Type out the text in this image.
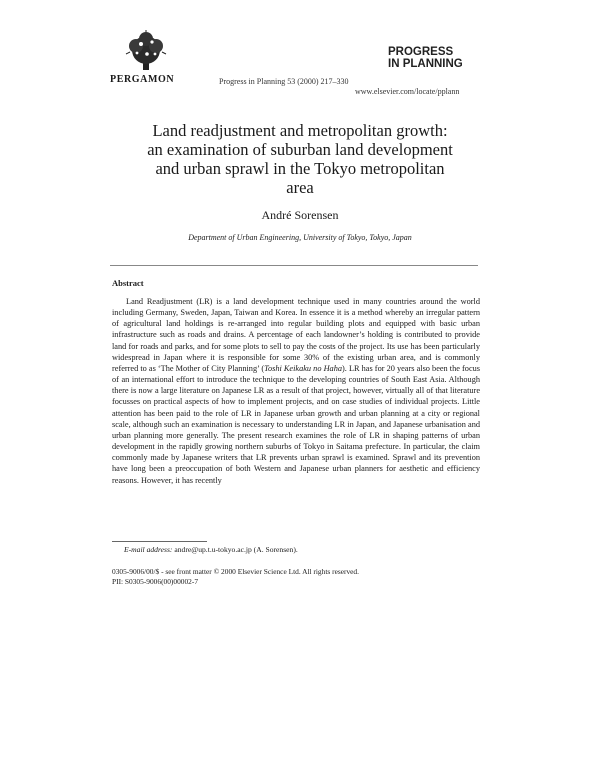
PERGAMON	Progress in Planning 53 (2000) 217–330
PROGRESS
IN PLANNING
www.elsevier.com/locate/pplann
Land readjustment and metropolitan growth:
an examination of suburban land development
and urban sprawl in the Tokyo metropolitan
area
André Sorensen
Department of Urban Engineering, University of Tokyo, Tokyo, Japan
Abstract
Land Readjustment (LR) is a land development technique used in many countries around the world including Germany, Sweden, Japan, Taiwan and Korea. In essence it is a method whereby an irregular pattern of agricultural land holdings is re-arranged into regular building plots and equipped with basic urban infrastructure such as roads and drains. A percentage of each landowner’s holding is contributed to provide land for roads and parks, and for some plots to sell to pay the costs of the project. Its use has been particularly widespread in Japan where it is responsible for some 30% of the existing urban area, and is commonly referred to as ‘The Mother of City Planning’ (Toshi Keikaku no Haha). LR has for 20 years also been the focus of an international effort to introduce the technique to the developing countries of South East Asia. Although there is now a large literature on Japanese LR as a result of that project, however, virtually all of that literature focusses on practical aspects of how to implement projects, and on case studies of individual projects. Little attention has been paid to the role of LR in Japanese urban growth and urban planning at a city or regional scale, although such an examination is necessary to understanding LR in Japan, and Japanese urbanisation and urban planning more generally. The present research examines the role of LR in shaping patterns of urban development in the rapidly growing northern suburbs of Tokyo in Saitama prefecture. In particular, the claim commonly made by Japanese writers that LR prevents urban sprawl is examined. Sprawl and its prevention have long been a preoccupation of both Western and Japanese urban planners for aesthetic and efficiency reasons. However, it has recently
E-mail address: andre@up.t.u-tokyo.ac.jp (A. Sorensen).
0305-9006/00/$ - see front matter © 2000 Elsevier Science Ltd. All rights reserved.
PII: S0305-9006(00)00002-7
